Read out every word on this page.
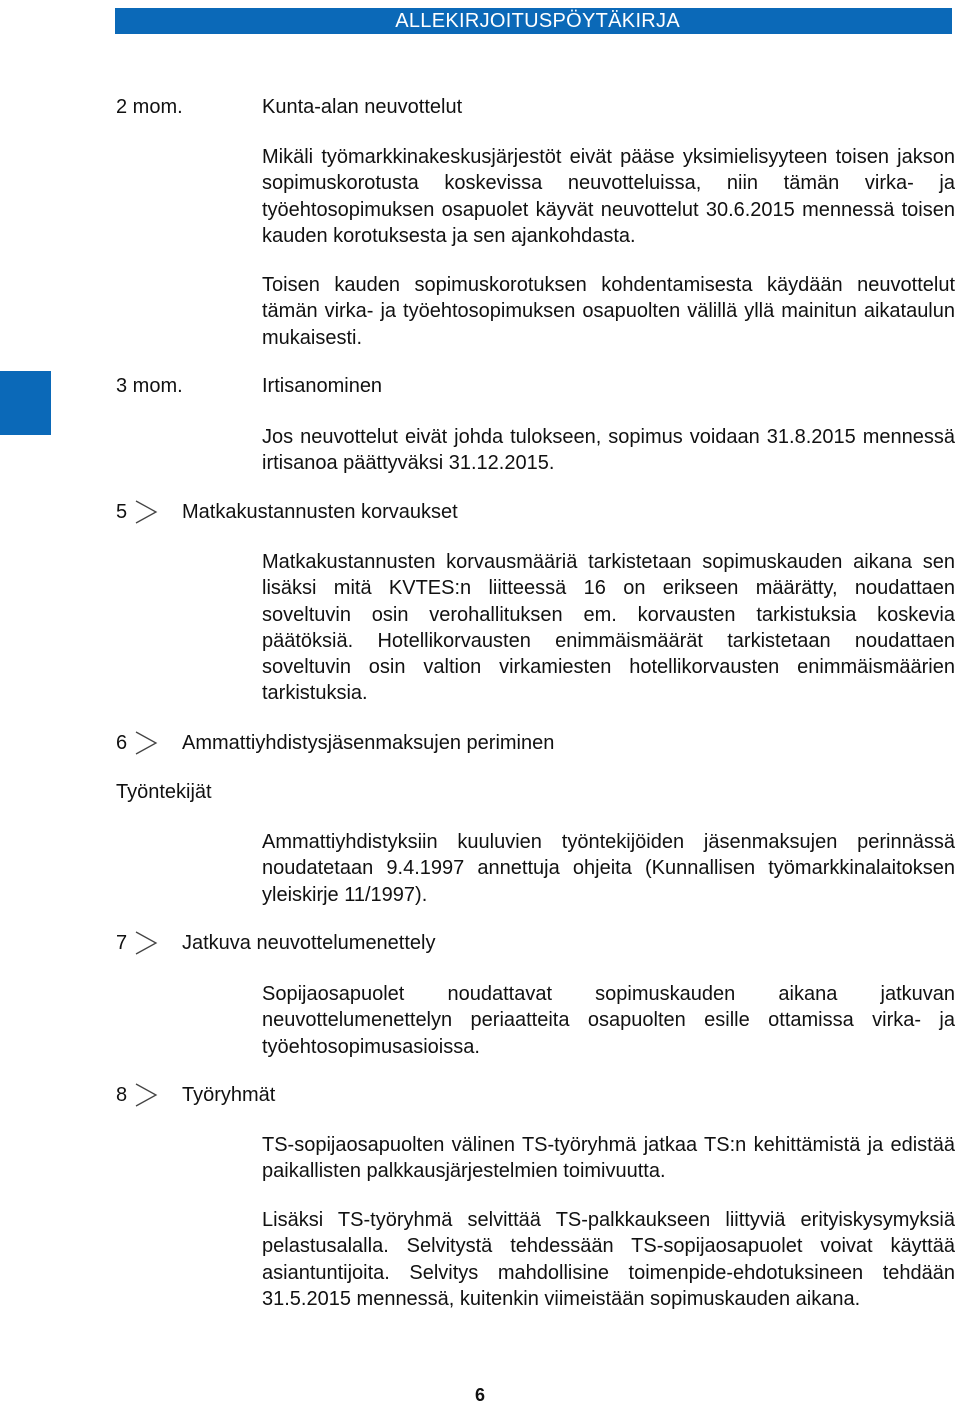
ALLEKIRJOITUSPÖYTÄKIRJA
2 mom.	Kunta-alan neuvottelut
Mikäli työmarkkinakeskusjärjestöt eivät pääse yksimielisyyteen toisen jakson sopimuskorotusta koskevissa neuvotteluissa, niin tämän virka- ja työehtosopimuksen osapuolet käyvät neuvottelut 30.6.2015 mennessä toisen kauden korotuksesta ja sen ajankohdasta.
Toisen kauden sopimuskorotuksen kohdentamisesta käydään neuvottelut tämän virka- ja työehtosopimuksen osapuolten välillä yllä mainitun aikataulun mukaisesti.
3 mom.	Irtisanominen
Jos neuvottelut eivät johda tulokseen, sopimus voidaan 31.8.2015 mennessä irtisanoa päättyväksi 31.12.2015.
5	Matkakustannusten korvaukset
Matkakustannusten korvausmääriä tarkistetaan sopimuskauden aikana sen lisäksi mitä KVTES:n liitteessä 16 on erikseen määrätty, noudattaen soveltuvin osin verohallituksen em. korvausten tarkistuksia koskevia päätöksiä. Hotellikorvausten enimmäismäärät tarkistetaan noudattaen soveltuvin osin valtion virkamiesten hotellikorvausten enimmäismäärien tarkistuksia.
6	Ammattiyhdistysjäsenmaksujen periminen
Työntekijät
Ammattiyhdistyksiin kuuluvien työntekijöiden jäsenmaksujen perinnässä noudatetaan 9.4.1997 annettuja ohjeita (Kunnallisen työmarkkinalaitoksen yleiskirje 11/1997).
7	Jatkuva neuvottelumenettely
Sopijaosapuolet noudattavat sopimuskauden aikana jatkuvan neuvottelumenettelyn periaatteita osapuolten esille ottamissa virka- ja työehtosopimusasioissa.
8	Työryhmät
TS-sopijaosapuolten välinen TS-työryhmä jatkaa TS:n kehittämistä ja edistää paikallisten palkkausjärjestelmien toimivuutta.
Lisäksi TS-työryhmä selvittää TS-palkkaukseen liittyviä erityiskysymyksiä pelastusalalla. Selvitystä tehdessään TS-sopijaosapuolet voivat käyttää asiantuntijoita. Selvitys mahdollisine toimenpide-ehdotuksineen tehdään 31.5.2015 mennessä, kuitenkin viimeistään sopimuskauden aikana.
6
